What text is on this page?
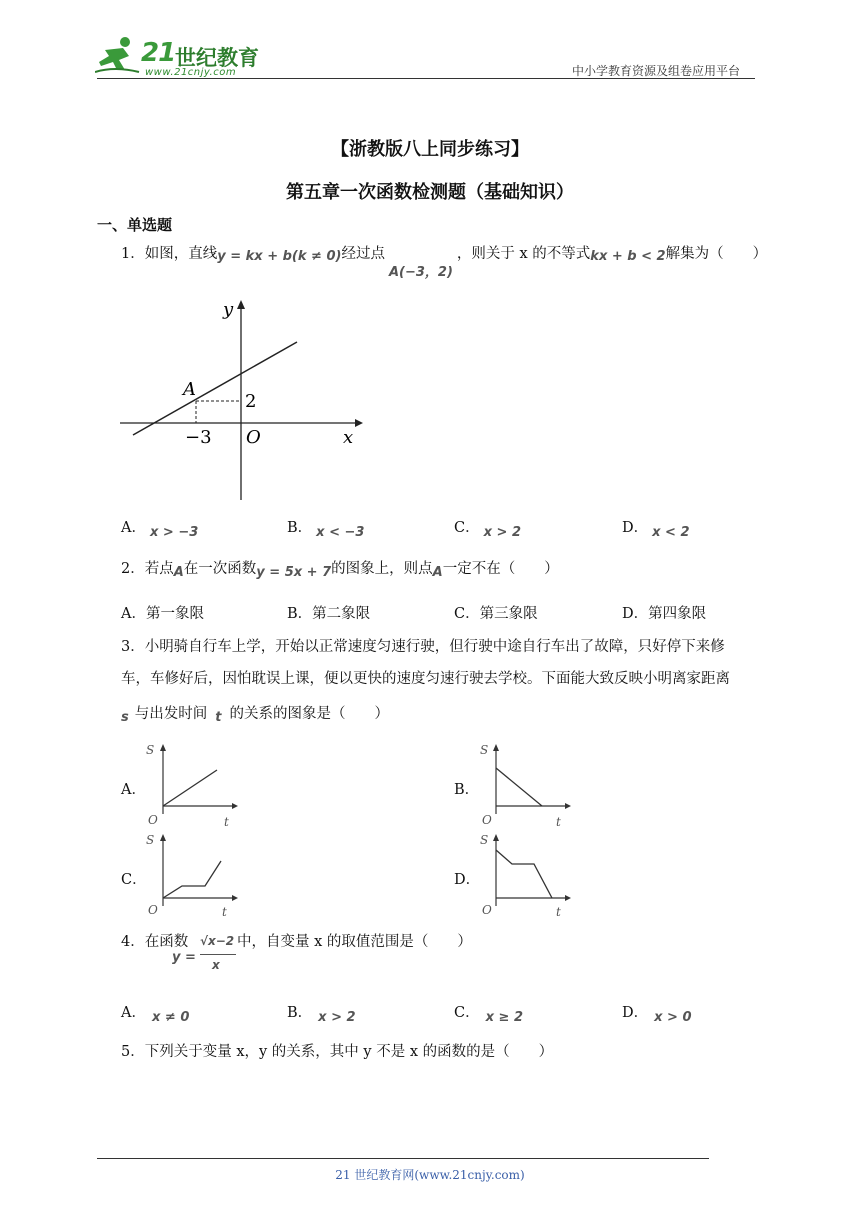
21 世纪教育
www.21cnjy.com	中小学教育资源及组卷应用平台
【浙教版八上同步练习】
第五章一次函数检测题（基础知识）
一、单选题
1．如图，直线y = kx + b(k ≠ 0)经过点A(−3，2)，则关于 x 的不等式kx + b < 2解集为（　　）
y
x
O
A
2
−3
A． x > −3	B． x < −3	C． x > 2	D． x < 2
2．若点A在一次函数y = 5x + 7的图象上，则点A一定不在（　　）
A．第一象限	B．第二象限	C．第三象限	D．第四象限
3．小明骑自行车上学，开始以正常速度匀速行驶，但行驶中途自行车出了故障，只好停下来修
车，车修好后，因怕耽误上课，便以更快的速度匀速行驶去学校。下面能大致反映小明离家距离
s 与出发时间 t 的关系的图象是（　　）
A．
S
O	t
B．
S
O	t
C．
S
O	t
D．
S
O	t
4．在函数
y =
√x−2
x
中，自变量 x 的取值范围是（　　）
A． x ≠ 0	B． x > 2	C． x ≥ 2	D． x > 0
5．下列关于变量 x，y 的关系，其中 y 不是 x 的函数的是（　　）
21 世纪教育网(www.21cnjy.com)
